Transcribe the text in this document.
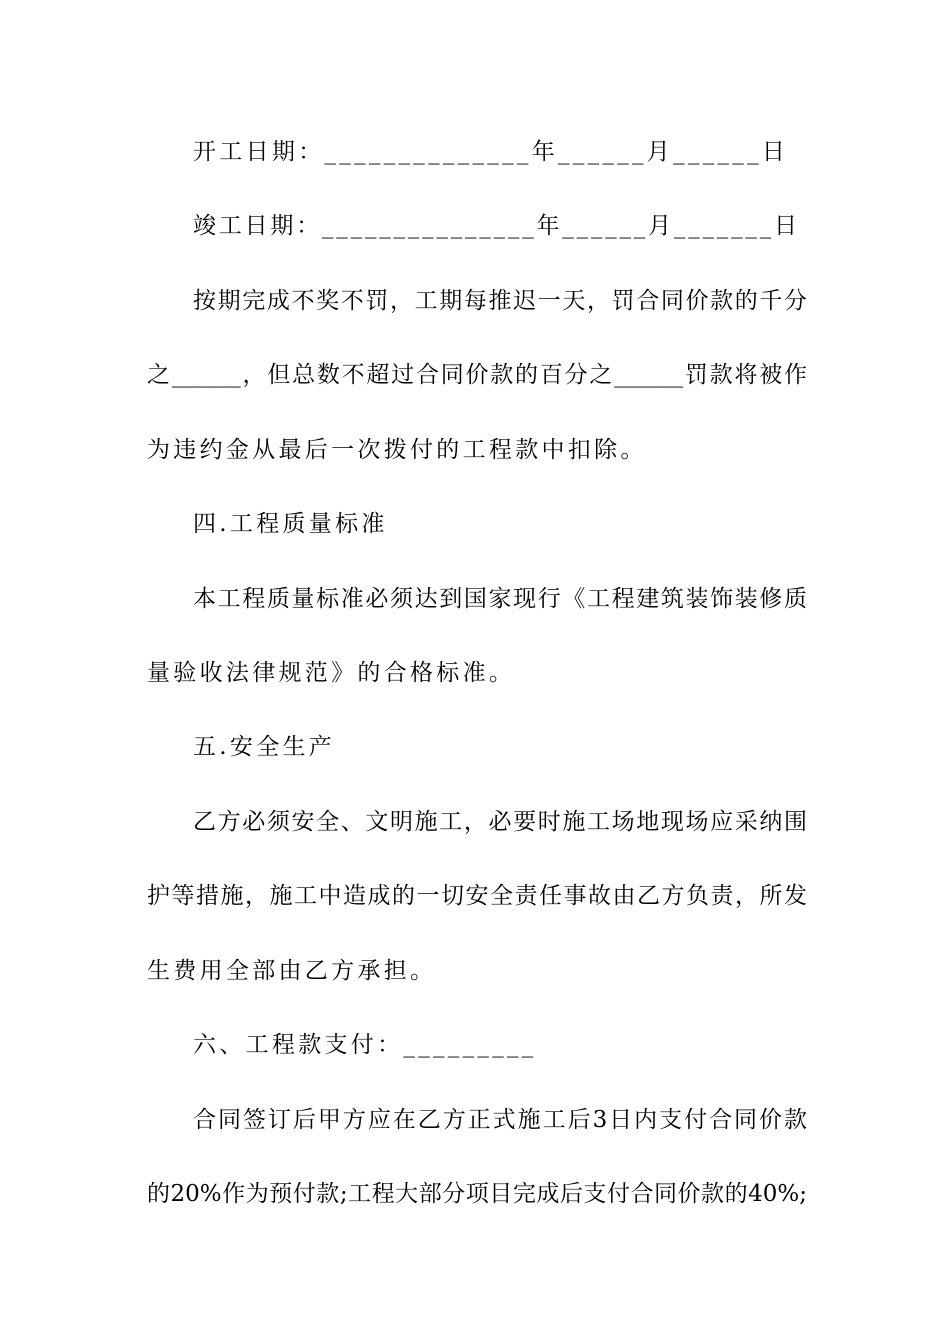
开工日期：______________年______月______日
竣工日期：_______________年______月_______日
按期完成不奖不罚，工期每推迟一天，罚合同价款的千分
之______，但总数不超过合同价款的百分之______罚款将被作
为违约金从最后一次拨付的工程款中扣除。
四.工程质量标准
本工程质量标准必须达到国家现行《工程建筑装饰装修质
量验收法律规范》的合格标准。
五.安全生产
乙方必须安全、文明施工，必要时施工场地现场应采纳围
护等措施，施工中造成的一切安全责任事故由乙方负责，所发
生费用全部由乙方承担。
六、工程款支付：_________
合同签订后甲方应在乙方正式施工后3日内支付合同价款
的20%作为预付款;工程大部分项目完成后支付合同价款的40%;
